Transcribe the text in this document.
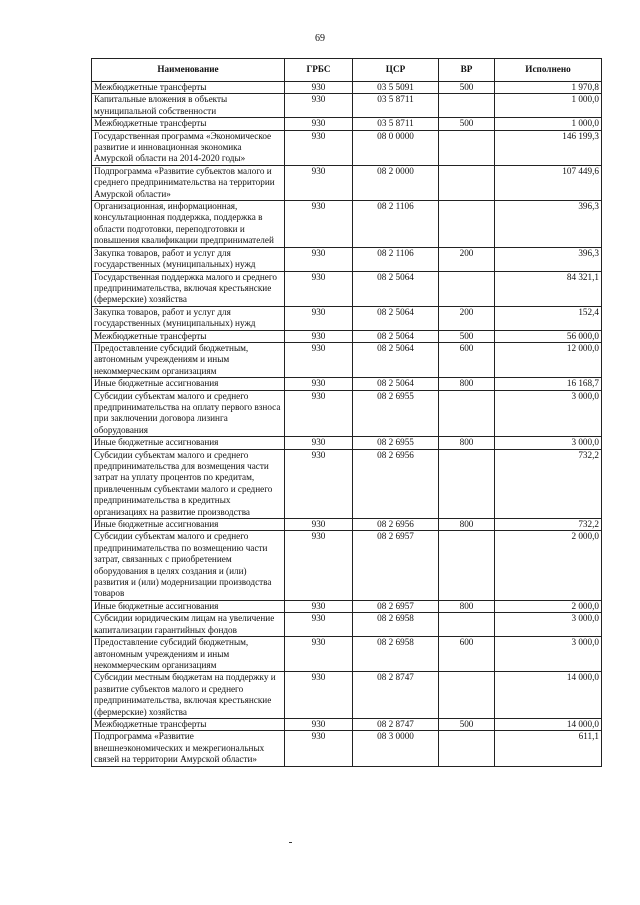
69
Наименование	ГРБС	ЦСР	ВР	Исполнено
Межбюджетные трансферты	930	03 5 5091	500	1 970,8
Капитальные вложения в объекты муниципальной собственности	930	03 5 8711		1 000,0
Межбюджетные трансферты	930	03 5 8711	500	1 000,0
Государственная программа «Экономическое развитие и инновационная экономика Амурской области на 2014-2020 годы»	930	08 0 0000		146 199,3
Подпрограмма «Развитие субъектов малого и среднего предпринимательства на территории Амурской области»	930	08 2 0000		107 449,6
Организационная, информационная, консультационная поддержка, поддержка в области подготовки, переподготовки и повышения квалификации предпринимателей	930	08 2 1106		396,3
Закупка товаров, работ и услуг для государственных (муниципальных) нужд	930	08 2 1106	200	396,3
Государственная поддержка малого и среднего предпринимательства, включая крестьянские (фермерские) хозяйства	930	08 2 5064		84 321,1
Закупка товаров, работ и услуг для государственных (муниципальных) нужд	930	08 2 5064	200	152,4
Межбюджетные трансферты	930	08 2 5064	500	56 000,0
Предоставление субсидий бюджетным, автономным учреждениям и иным некоммерческим организациям	930	08 2 5064	600	12 000,0
Иные бюджетные ассигнования	930	08 2 5064	800	16 168,7
Субсидии субъектам малого и среднего предпринимательства на оплату первого взноса при заключении договора лизинга оборудования	930	08 2 6955		3 000,0
Иные бюджетные ассигнования	930	08 2 6955	800	3 000,0
Субсидии субъектам малого и среднего предпринимательства для возмещения части затрат на уплату процентов по кредитам, привлеченным субъектами малого и среднего предпринимательства в кредитных организациях на развитие производства	930	08 2 6956		732,2
Иные бюджетные ассигнования	930	08 2 6956	800	732,2
Субсидии субъектам малого и среднего предпринимательства по возмещению части затрат, связанных с приобретением оборудования в целях создания и (или) развития и (или) модернизации производства товаров	930	08 2 6957		2 000,0
Иные бюджетные ассигнования	930	08 2 6957	800	2 000,0
Субсидии юридическим лицам на увеличение капитализации гарантийных фондов	930	08 2 6958		3 000,0
Предоставление субсидий бюджетным, автономным учреждениям и иным некоммерческим организациям	930	08 2 6958	600	3 000,0
Субсидии местным бюджетам на поддержку и развитие субъектов малого и среднего предпринимательства, включая крестьянские (фермерские) хозяйства	930	08 2 8747		14 000,0
Межбюджетные трансферты	930	08 2 8747	500	14 000,0
Подпрограмма «Развитие внешнеэкономических и межрегиональных связей на территории Амурской области»	930	08 3 0000		611,1
